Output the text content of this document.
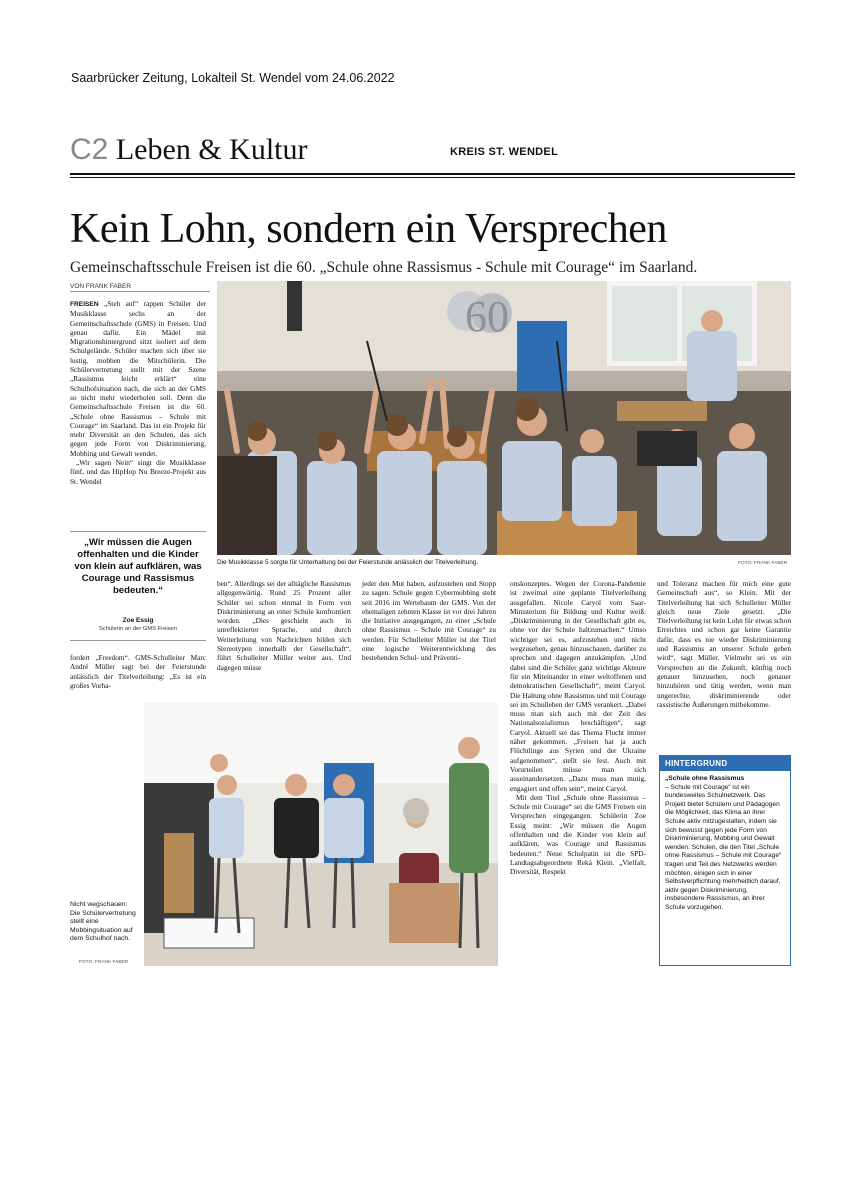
Saarbrücker Zeitung, Lokalteil St. Wendel vom 24.06.2022
C2 Leben & Kultur	KREIS ST. WENDEL
Kein Lohn, sondern ein Versprechen
Gemeinschaftsschule Freisen ist die 60. „Schule ohne Rassismus - Schule mit Courage“ im Saarland.
VON FRANK FABER

FREISEN „Steh auf“ rappen Schüler der Musikklasse sechs an der Gemeinschaftsschule (GMS) in Freisen. Und genau dafür. Ein Mädel mit Migrationshintergrund sitzt isoliert auf dem Schulgelände. Schüler machen sich über sie lustig, mobben die Mitschülerin. Die Schülervertretung stellt mit der Szene „Rassismus leicht erklärt“ eine Schulhofsituation nach, die sich an der GMS so nicht mehr wiederholen soll. Denn die Gemeinschaftsschule Freisen ist die 60. „Schule ohne Rassismus – Schule mit Courage“ im Saarland. Das ist ein Projekt für mehr Diversität an den Schulen, das sich gegen jede Form von Diskriminierung, Mobbing und Gewalt wendet.

„Wir sagen Nein“ singt die Musikklasse fünf, und das HipHop Nu Breeze-Projekt aus St. Wendel

60
Die Musikklasse 5 sorgte für Unterhaltung bei der Feierstunde anlässlich der Titelverleihung.	FOTO: FRANK FABER
„Wir müssen die Augen offenhalten und die Kinder von klein auf aufklären, was Courage und Rassismus bedeuten.“
Zoe Essig
Schülerin an der GMS Freisen
fordert „Freedom“. GMS-Schulleiter Marc André Müller sagt bei der Feierstunde anlässlich der Titelverleihung: „Es ist ein großes Vorha-
ben“. Allerdings sei der alltägliche Rassismus allgegenwärtig. Rund 25 Prozent aller Schüler sei schon einmal in Form von Diskriminierung an einer Schule konfrontiert worden. „Dies geschieht auch in unreflektierter Sprache, und durch Weiterleitung von Nachrichten bilden sich Stereotypen innerhalb der Gesellschaft“, führt Schulleiter Müller weiter aus. Und dagegen müsse
jeder den Mut haben, aufzustehen und Stopp zu sagen. Schule gegen Cybermobbing steht seit 2016 im Wertebaum der GMS. Von der ehemaligen zehnten Klasse ist vor drei Jahren die Initiative ausgegangen, zu einer „Schule ohne Rassismus – Schule mit Courage“ zu werden. Für Schulleiter Müller ist der Titel eine logische Weiterentwicklung des bestehenden Schul- und Präventi-

onskonzeptes. Wegen der Corona-Pandemie ist zweimal eine geplante Titelverleihung ausgefallen. Nicole Caryol vom Saar-Ministerium für Bildung und Kultur weiß: „Diskriminierung in der Gesellschaft gibt es, ohne vor der Schule haltzumachen.“ Umso wichtiger sei es, aufzustehen und nicht wegzusehen, genau hinzuschauen, darüber zu sprechen und dagegen anzukämpfen. „Und dabei sind die Schüler ganz wichtige Akteure für ein Miteinander in einer weltoffenen und demokratischen Gesellschaft“, meint Caryol. Die Haltung ohne Rassismus und mit Courage sei im Schulleben der GMS verankert. „Dabei muss man sich auch mit der Zeit des Nationalsozialismus beschäftigen“, sagt Caryol. Aktuell sei das Thema Flucht immer näher gekommen. „Freisen hat ja auch Flüchtlinge aus Syrien und der Ukraine aufgenommen“, stellt sie fest. Auch mit Vorurteilen müsse man sich auseinandersetzen. „Dazu muss man mutig, engagiert und offen sein“, meint Caryol.

Mit dem Titel „Schule ohne Rassismus – Schule mit Courage“ sei die GMS Freisen ein Versprechen eingegangen. Schülerin Zoe Essig meint: „Wir müssen die Augen offenhalten und die Kinder von klein auf aufklären, was Courage und Rassismus bedeuten.“ Neue Schulpatin ist die SPD-Landtagsabgeordnete Rekà Klein. „Vielfalt, Diversität, Respekt

und Toleranz machen für mich eine gute Gemeinschaft aus“, so Klein. Mit der Titelverleihung hat sich Schulleiter Müller gleich neue Ziele gesetzt. „Die Titelverleihung ist kein Lohn für etwas schon Erreichtes und schon gar keine Garantie dafür, dass es nie wieder Diskriminierung und Rassismus an unserer Schule geben wird“, sagt Müller. Vielmehr sei es ein Versprechen an die Zukunft, künftig noch genauer hinzusehen, noch genauer hinzuhören und tätig werden, wenn man ungerechte, diskriminierende oder rassistische Äußerungen mitbekomme.
Nicht wegschauen: Die Schülervertretung stellt eine Mobbingsituation auf dem Schulhof nach.
FOTO: FRANK FABER
HINTERGRUND
„Schule ohne Rassismus
– Schule mit Courage“ ist ein bundesweites Schulnetzwerk. Das Projekt bietet Schülern und Pädagogen die Möglichkeit, das Klima an ihrer Schule aktiv mitzugestalten, indem sie sich bewusst gegen jede Form von Diskriminierung, Mobbing und Gewalt wenden. Schulen, die den Titel „Schule ohne Rassismus – Schule mit Courage“ tragen und Teil des Netzwerks werden möchten, einigen sich in einer Selbstverpflichtung mehrheitlich darauf, aktiv gegen Diskriminierung, insbesondere Rassismus, an ihrer Schule vorzugehen.
